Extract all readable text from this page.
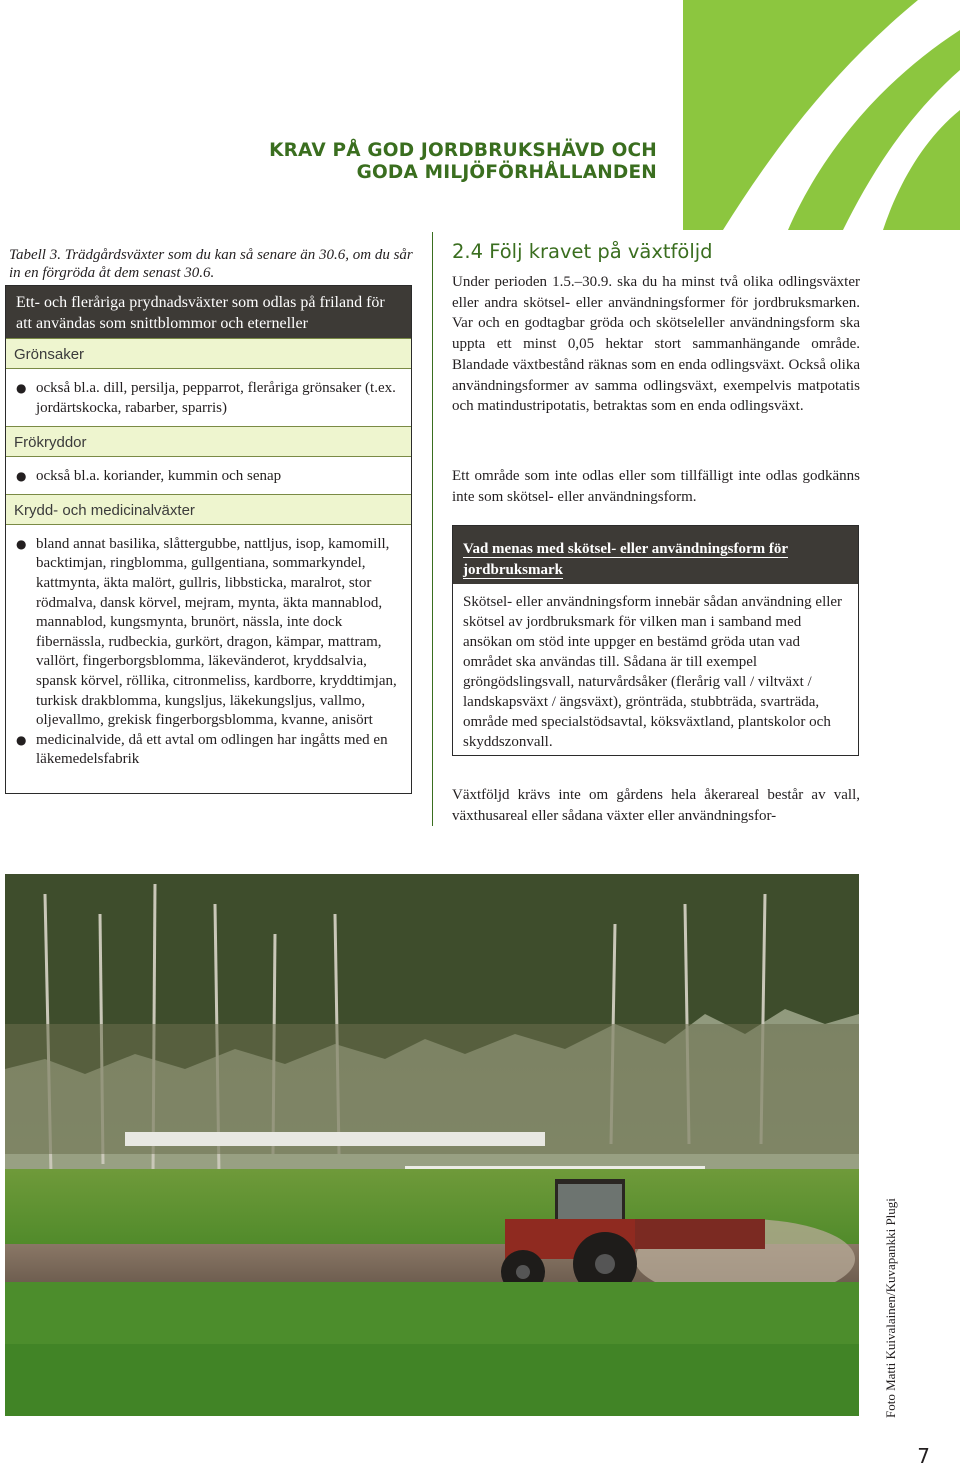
KRAV PÅ GOD JORDBRUKSHÄVD OCH
GODA MILJÖFÖRHÅLLANDEN
Tabell 3. Trädgårdsväxter som du kan så senare än 30.6, om du sår in en förgröda åt dem senast 30.6.
Ett- och fleråriga prydnadsväxter som odlas på friland för att användas som snittblommor och eterneller
Grönsaker
● också bl.a. dill, persilja, pepparrot, fleråriga grönsaker (t.ex. jordärtskocka, rabarber, sparris)
Frökryddor
● också bl.a. koriander, kummin och senap
Krydd- och medicinalväxter
● bland annat basilika, slåttergubbe, nattljus, isop, kamomill, backtimjan, ringblomma, gullgentiana, sommarkyndel, kattmynta, äkta malört, gullris, libbsticka, maralrot, stor rödmalva, dansk körvel, mejram, mynta, äkta mannablod, mannablod, kungsmynta, brunört, nässla, inte dock fibernässla, rudbeckia, gurkört, dragon, kämpar, mattram, vallört, fingerborgsblomma, läkevänderot, kryddsalvia, spansk körvel, röllika, citronmeliss, kardborre, kryddtimjan, turkisk drakblomma, kungsljus, läkekungsljus, vallmo, oljevallmo, grekisk fingerborgsblomma, kvanne, anisört
● medicinalvide, då ett avtal om odlingen har ingåtts med en läkemedelsfabrik
2.4 Följ kravet på växtföljd

Under perioden 1.5.–30.9. ska du ha minst två olika odlingsväxter eller andra skötsel- eller användningsformer för jordbruksmarken. Var och en godtagbar gröda och skötseleller användningsform ska uppta ett minst 0,05 hektar stort sammanhängande område. Blandade växtbestånd räknas som en enda odlingsväxt. Också olika användningsformer av samma odlingsväxt, exempelvis matpotatis och matindustripotatis, betraktas som en enda odlingsväxt.

Ett område som inte odlas eller som tillfälligt inte odlas godkänns inte som skötsel- eller användningsform.

Vad menas med skötsel- eller användningsform för jordbruksmark
Skötsel- eller användningsform innebär sådan användning eller skötsel av jordbruksmark för vilken man i samband med ansökan om stöd inte uppger en bestämd gröda utan vad området ska användas till. Sådana är till exempel gröngödslingsvall, naturvårdsåker (flerårig vall / viltväxt / landskapsväxt / ängsväxt), grönträda, stubbträda, svarträda, område med specialstödsavtal, köksväxtland, plantskolor och skyddszonvall.

Växtföljd krävs inte om gårdens hela åkerareal består av vall, växthusareal eller sådana växter eller användningsfor-

Foto Matti Kuivalainen/Kuvapankki Plugi
7
